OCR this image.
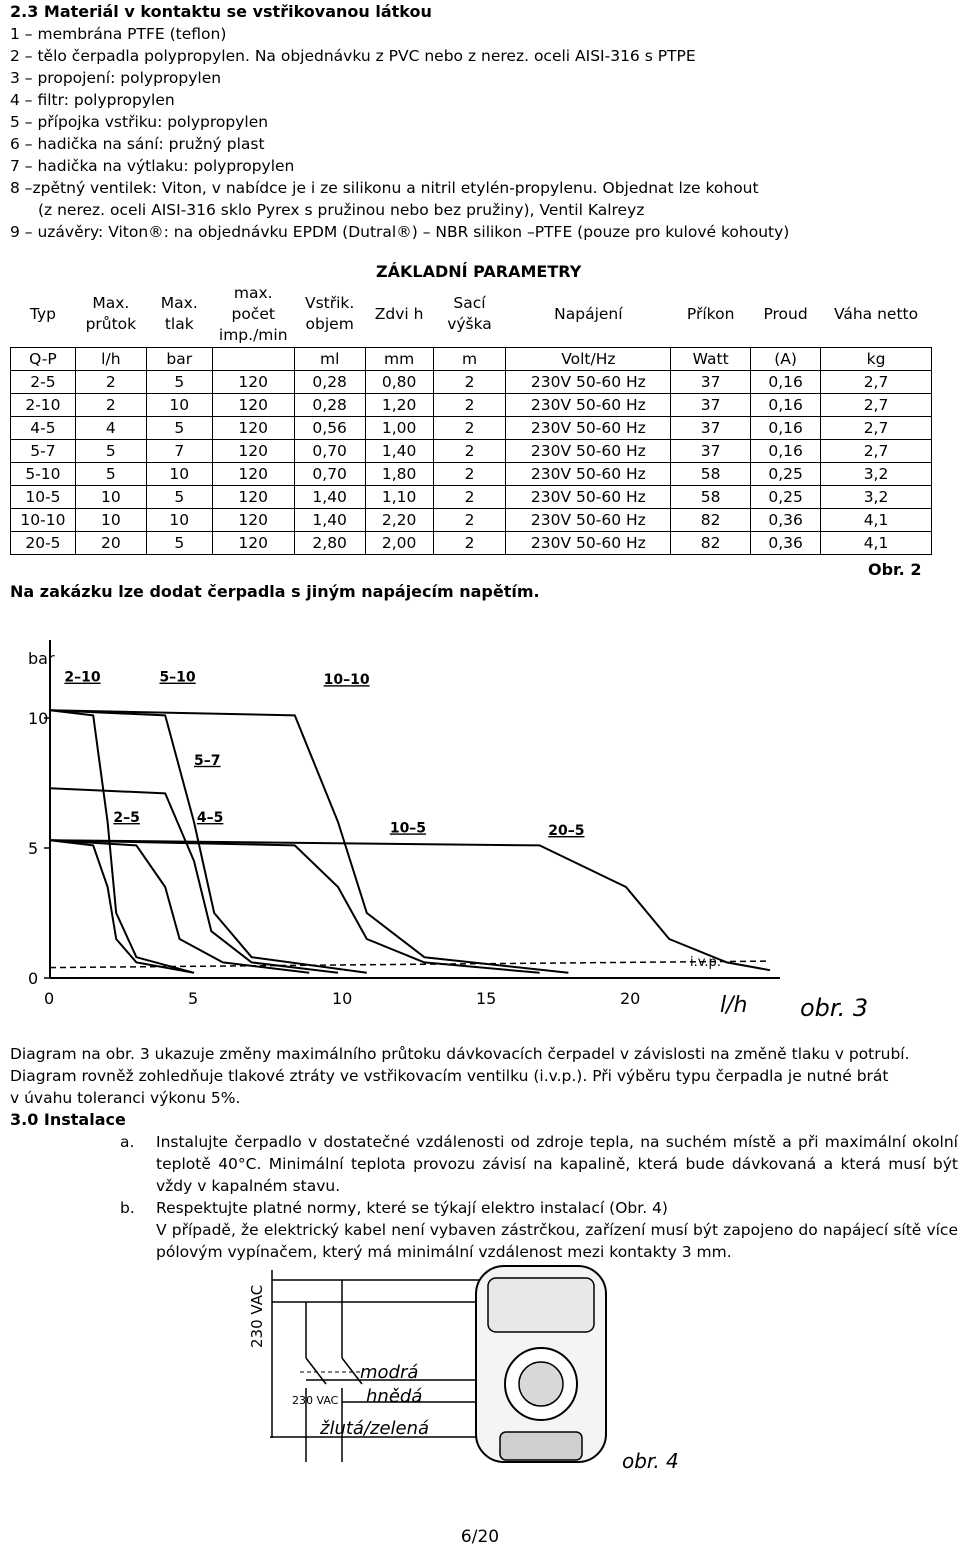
2.3 Materiál v kontaktu se vstřikovanou látkou
1 – membrána PTFE (teflon)
2 – tělo čerpadla polypropylen. Na objednávku z PVC nebo z nerez. oceli AISI-316 s PTPE
3 – propojení: polypropylen
4 – filtr: polypropylen
5 – přípojka vstřiku: polypropylen
6 – hadička na sání: pružný plast
7 – hadička na výtlaku: polypropylen
8 –zpětný ventilek: Viton, v nabídce je i ze silikonu a nitril etylén-propylenu. Objednat lze kohout
(z nerez. oceli AISI-316 sklo Pyrex s pružinou nebo bez pružiny), Ventil Kalreyz
9 – uzávěry: Viton®: na objednávku EPDM (Dutral®) – NBR silikon –PTFE (pouze pro kulové kohouty)
ZÁKLADNÍ PARAMETRY
Typ	Max. průtok	Max. tlak	max. počet imp./min	Vstřik. objem	Zdvi h	Sací výška	Napájení	Příkon	Proud	Váha netto
Q-P	l/h	bar		ml	mm	m	Volt/Hz	Watt	(A)	kg
2-5	2	5	120	0,28	0,80	2	230V 50-60 Hz	37	0,16	2,7
2-10	2	10	120	0,28	1,20	2	230V 50-60 Hz	37	0,16	2,7
4-5	4	5	120	0,56	1,00	2	230V 50-60 Hz	37	0,16	2,7
5-7	5	7	120	0,70	1,40	2	230V 50-60 Hz	37	0,16	2,7
5-10	5	10	120	0,70	1,80	2	230V 50-60 Hz	58	0,25	3,2
10-5	10	5	120	1,40	1,10	2	230V 50-60 Hz	58	0,25	3,2
10-10	10	10	120	1,40	2,20	2	230V 50-60 Hz	82	0,36	4,1
20-5	20	5	120	2,80	2,00	2	230V 50-60 Hz	82	0,36	4,1
Obr. 2
Na zakázku lze dodat čerpadla s jiným napájecím napětím.
bar
l/h
0
5
10
0	5	10	15	20
2–10	5–10	10–10
5–7
2–5	4–5
10–5	20–5
i.v.p.
obr. 3
Diagram na obr. 3 ukazuje změny maximálního průtoku dávkovacích čerpadel v závislosti na změně tlaku v potrubí.
Diagram rovněž zohledňuje tlakové ztráty ve vstřikovacím ventilku (i.v.p.). Při výběru typu čerpadla je nutné brát
v úvahu toleranci výkonu 5%.
3.0 Instalace
a. Instalujte čerpadlo v dostatečné vzdálenosti od zdroje tepla, na suchém místě a při maximální okolní teplotě 40°C. Minimální teplota provozu závisí na kapalině, která bude dávkovaná a která musí být vždy v kapalném stavu.
b. Respektujte platné normy, které se týkají elektro instalací (Obr. 4)
V případě, že elektrický kabel není vybaven zástrčkou, zařízení musí být zapojeno do napájecí sítě více pólovým vypínačem, který má minimální vzdálenost mezi kontakty 3 mm.
230 VAC
modrá
230 VAC hnědá
žlutá/zelená
obr. 4
6/20
